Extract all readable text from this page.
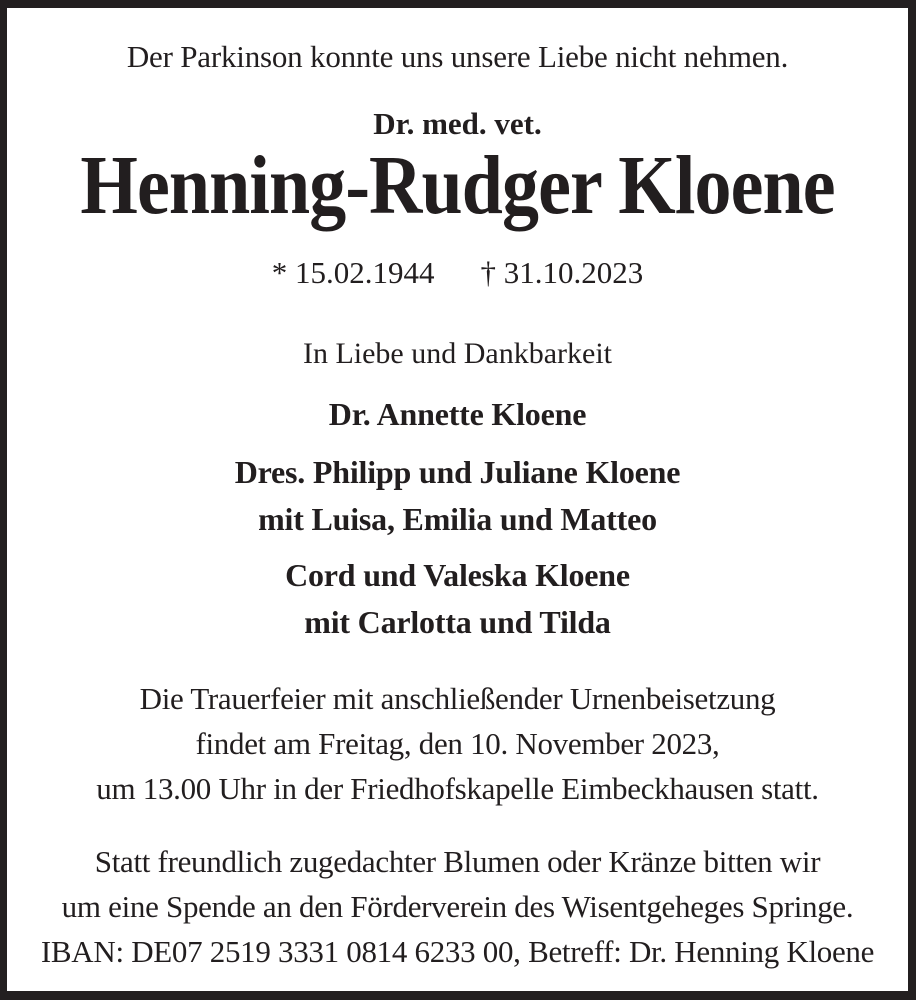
Der Parkinson konnte uns unsere Liebe nicht nehmen.

Dr. med. vet.

Henning-Rudger Kloene
* 15.02.1944 † 31.10.2023

In Liebe und Dankbarkeit

Dr. Annette Kloene

Dres. Philipp und Juliane Kloene
mit Luisa, Emilia und Matteo

Cord und Valeska Kloene
mit Carlotta und Tilda

Die Trauerfeier mit anschließender Urnenbeisetzung
findet am Freitag, den 10. November 2023,
um 13.00 Uhr in der Friedhofskapelle Eimbeckhausen statt.

Statt freundlich zugedachter Blumen oder Kränze bitten wir
um eine Spende an den Förderverein des Wisentgeheges Springe.
IBAN: DE07 2519 3331 0814 6233 00, Betreff: Dr. Henning Kloene
